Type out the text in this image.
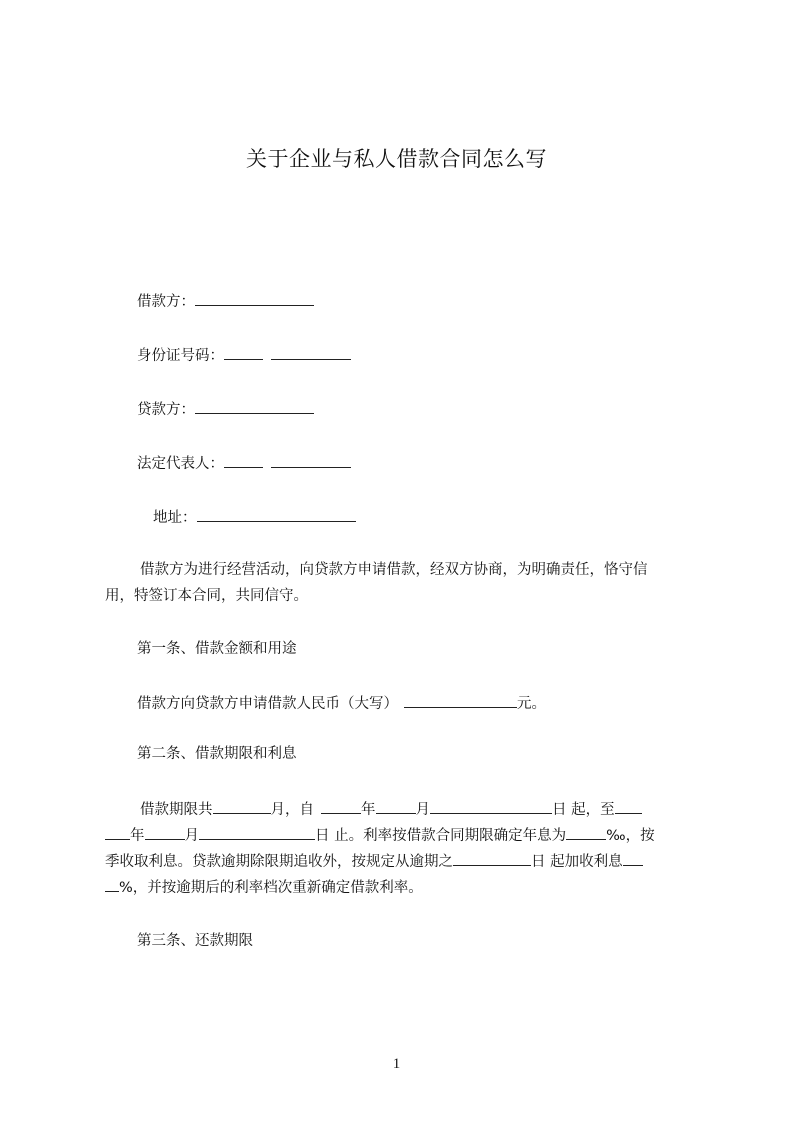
关于企业与私人借款合同怎么写
借款方：
身份证号码：
贷款方：
法定代表人：
地址：
借款方为进行经营活动，向贷款方申请借款，经双方协商，为明确责任，恪守信
用，特签订本合同，共同信守。
第一条、借款金额和用途
借款方向贷款方申请借款人民币（大写）	元。
第二条、借款期限和利息
借款期限共	月，自	年	月	日 起，至
年	月	日 止。利率按借款合同期限确定年息为	‰，按
季收取利息。贷款逾期除限期追收外，按规定从逾期之	日 起加收利息
%，并按逾期后的利率档次重新确定借款利率。
第三条、还款期限
1
